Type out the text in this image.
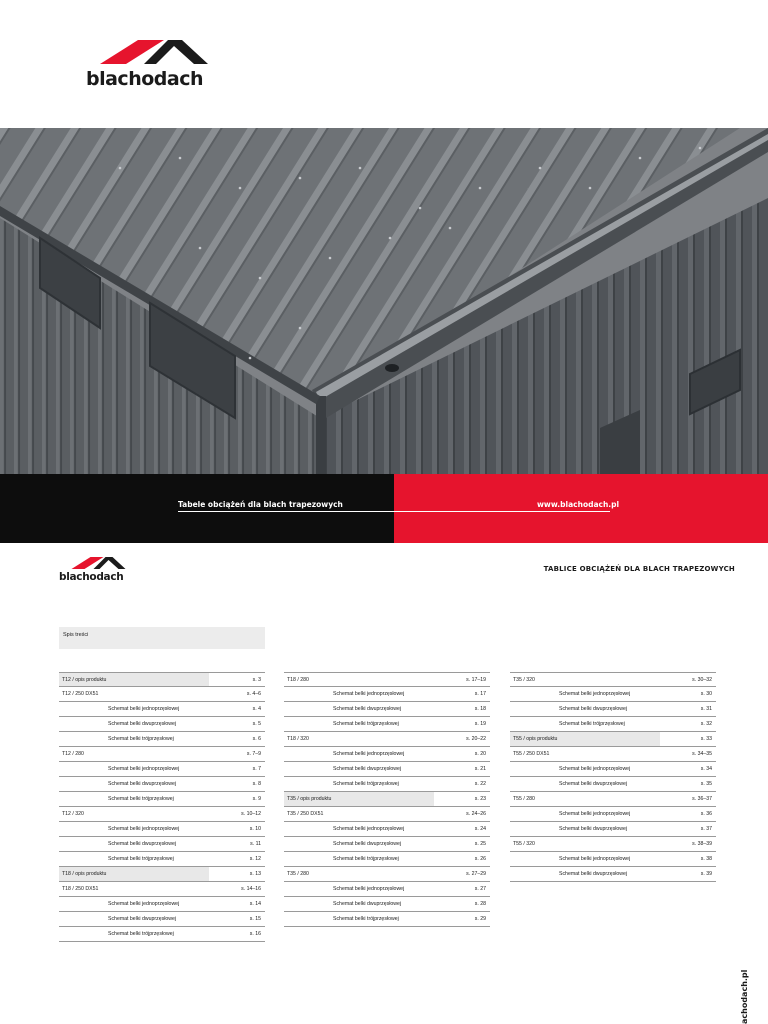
blachodach
Tabele obciążeń dla blach trapezowych	www.blachodach.pl
blachodach
TABLICE OBCIĄŻEŃ DLA BLACH TRAPEZOWYCH
Spis treści
T12 / opis produktu	s. 3
T12 / 250 DX51	s. 4–6
Schemat belki jednoprzęsłowej	s. 4
Schemat belki dwuprzęsłowej	s. 5
Schemat belki trójprzęsłowej	s. 6
T12 / 280	s. 7–9
Schemat belki jednoprzęsłowej	s. 7
Schemat belki dwuprzęsłowej	s. 8
Schemat belki trójprzęsłowej	s. 9
T12 / 320	s. 10–12
Schemat belki jednoprzęsłowej	s. 10
Schemat belki dwuprzęsłowej	s. 11
Schemat belki trójprzęsłowej	s. 12
T18 / opis produktu	s. 13
T18 / 250 DX51	s. 14–16
Schemat belki jednoprzęsłowej	s. 14
Schemat belki dwuprzęsłowej	s. 15
Schemat belki trójprzęsłowej	s. 16
T18 / 280	s. 17–19
Schemat belki jednoprzęsłowej	s. 17
Schemat belki dwuprzęsłowej	s. 18
Schemat belki trójprzęsłowej	s. 19
T18 / 320	s. 20–22
Schemat belki jednoprzęsłowej	s. 20
Schemat belki dwuprzęsłowej	s. 21
Schemat belki trójprzęsłowej	s. 22
T35 / opis produktu	s. 23
T35 / 250 DX51	s. 24–26
Schemat belki jednoprzęsłowej	s. 24
Schemat belki dwuprzęsłowej	s. 25
Schemat belki trójprzęsłowej	s. 26
T35 / 280	s. 27–29
Schemat belki jednoprzęsłowej	s. 27
Schemat belki dwuprzęsłowej	s. 28
Schemat belki trójprzęsłowej	s. 29
T35 / 320	s. 30–32
Schemat belki jednoprzęsłowej	s. 30
Schemat belki dwuprzęsłowej	s. 31
Schemat belki trójprzęsłowej	s. 32
T55 / opis produktu	s. 33
T55 / 250 DX51	s. 34–35
Schemat belki jednoprzęsłowej	s. 34
Schemat belki dwuprzęsłowej	s. 35
T55 / 280	s. 36–37
Schemat belki jednoprzęsłowej	s. 36
Schemat belki dwuprzęsłowej	s. 37
T55 / 320	s. 38–39
Schemat belki jednoprzęsłowej	s. 38
Schemat belki dwuprzęsłowej	s. 39
achodach.pl
